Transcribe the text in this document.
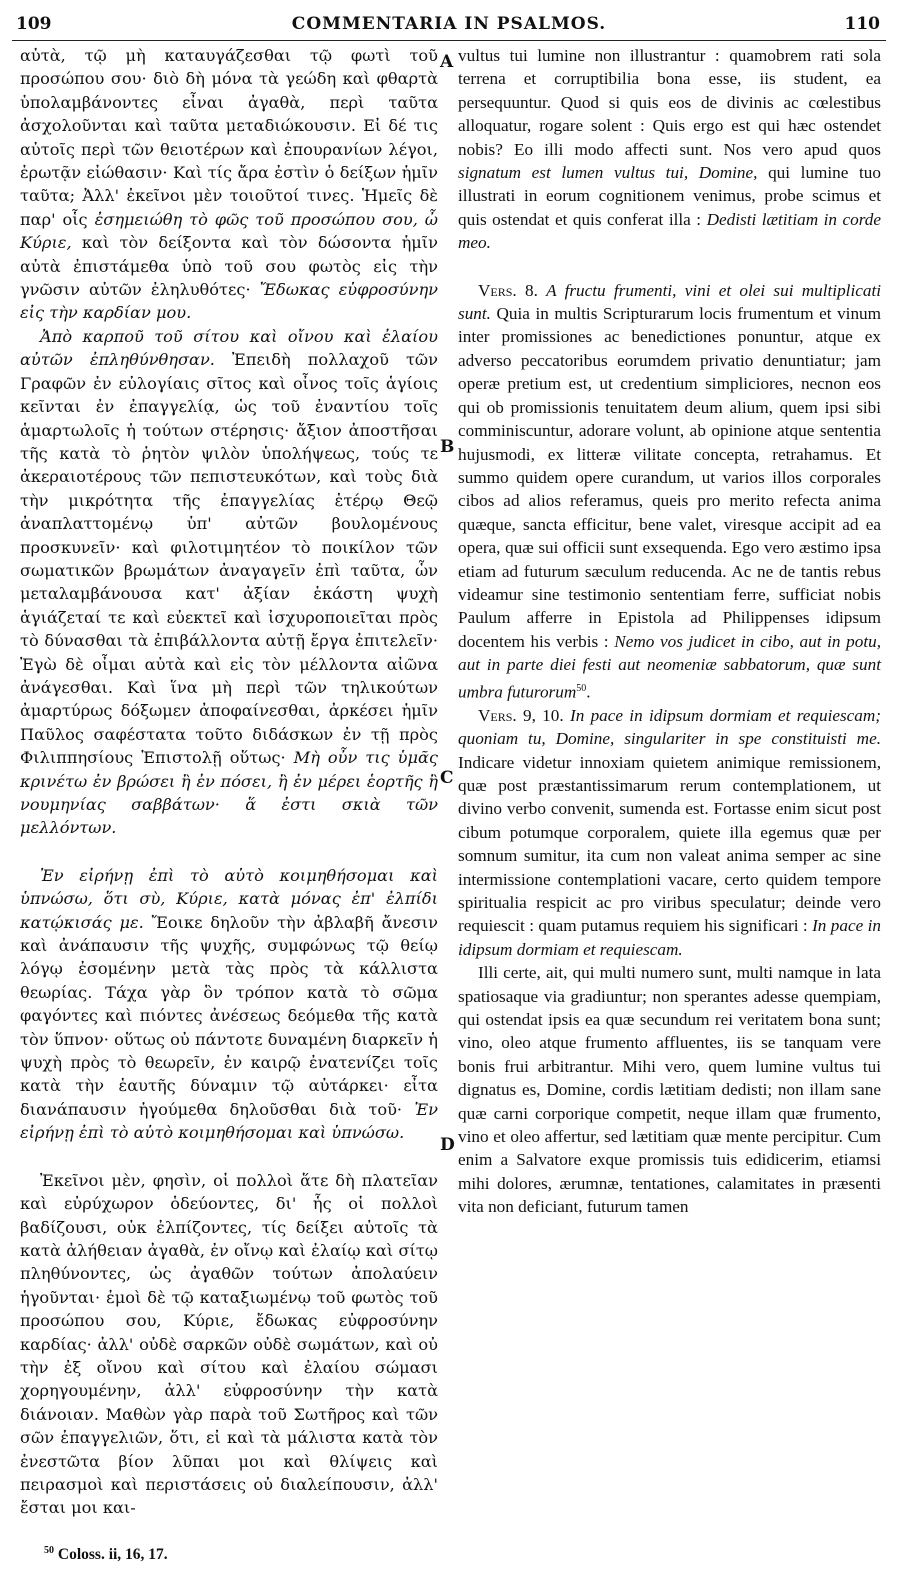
109	COMMENTARIA IN PSALMOS.	110
A
B
C
D

αὐτὰ, τῷ μὴ καταυγάζεσθαι τῷ φωτὶ τοῦ προσώπου σου· διὸ δὴ μόνα τὰ γεώδη καὶ φθαρτὰ ὑπολαμβάνοντες εἶναι ἀγαθὰ, περὶ ταῦτα ἀσχολοῦνται καὶ ταῦτα μεταδιώκουσιν. Εἰ δέ τις αὐτοῖς περὶ τῶν θειοτέρων καὶ ἐπουρανίων λέγοι, ἐρωτᾷν εἰώθασιν· Καὶ τίς ἄρα ἐστὶν ὁ δείξων ἡμῖν ταῦτα; Ἀλλ' ἐκεῖνοι μὲν τοιοῦτοί τινες. Ἡμεῖς δὲ παρ' οἷς ἐσημειώθη τὸ φῶς τοῦ προσώπου σου, ὦ Κύριε, καὶ τὸν δείξοντα καὶ τὸν δώσοντα ἡμῖν αὐτὰ ἐπιστάμεθα ὑπὸ τοῦ σου φωτὸς εἰς τὴν γνῶσιν αὐτῶν ἐληλυθότες· Ἔδωκας εὐφροσύνην εἰς τὴν καρδίαν μου.

Ἀπὸ καρποῦ τοῦ σίτου καὶ οἴνου καὶ ἐλαίου αὐτῶν ἐπληθύνθησαν. Ἐπειδὴ πολλαχοῦ τῶν Γραφῶν ἐν εὐλογίαις σῖτος καὶ οἶνος τοῖς ἁγίοις κεῖνται ἐν ἐπαγγελίᾳ, ὡς τοῦ ἐναντίου τοῖς ἁμαρτωλοῖς ἡ τούτων στέρησις· ἄξιον ἀποστῆσαι τῆς κατὰ τὸ ῥητὸν ψιλὸν ὑπολήψεως, τούς τε ἀκεραιοτέρους τῶν πεπιστευκότων, καὶ τοὺς διὰ τὴν μικρότητα τῆς ἐπαγγελίας ἑτέρῳ Θεῷ ἀναπλαττομένῳ ὑπ' αὐτῶν βουλομένους προσκυνεῖν· καὶ φιλοτιμητέον τὸ ποικίλον τῶν σωματικῶν βρωμάτων ἀναγαγεῖν ἐπὶ ταῦτα, ὧν μεταλαμβάνουσα κατ' ἀξίαν ἑκάστη ψυχὴ ἁγιάζεταί τε καὶ εὐεκτεῖ καὶ ἰσχυροποιεῖται πρὸς τὸ δύνασθαι τὰ ἐπιβάλλοντα αὐτῇ ἔργα ἐπιτελεῖν· Ἐγὼ δὲ οἶμαι αὐτὰ καὶ εἰς τὸν μέλλοντα αἰῶνα ἀνάγεσθαι. Καὶ ἵνα μὴ περὶ τῶν τηλικούτων ἀμαρτύρως δόξωμεν ἀποφαίνεσθαι, ἀρκέσει ἡμῖν Παῦλος σαφέστατα τοῦτο διδάσκων ἐν τῇ πρὸς Φιλιππησίους Ἐπιστολῇ οὕτως· Μὴ οὖν τις ὑμᾶς κρινέτω ἐν βρώσει ἢ ἐν πόσει, ἢ ἐν μέρει ἑορτῆς ἢ νουμηνίας σαββάτων· ἅ ἐστι σκιὰ τῶν μελλόντων.

Ἐν εἰρήνῃ ἐπὶ τὸ αὐτὸ κοιμηθήσομαι καὶ ὑπνώσω, ὅτι σὺ, Κύριε, κατὰ μόνας ἐπ' ἐλπίδι κατῴκισάς με. Ἔοικε δηλοῦν τὴν ἀβλαβῆ ἄνεσιν καὶ ἀνάπαυσιν τῆς ψυχῆς, συμφώνως τῷ θείῳ λόγῳ ἐσομένην μετὰ τὰς πρὸς τὰ κάλλιστα θεωρίας. Τάχα γὰρ ὃν τρόπον κατὰ τὸ σῶμα φαγόντες καὶ πιόντες ἀνέσεως δεόμεθα τῆς κατὰ τὸν ὕπνον· οὕτως οὐ πάντοτε δυναμένη διαρκεῖν ἡ ψυχὴ πρὸς τὸ θεωρεῖν, ἐν καιρῷ ἐνατενίζει τοῖς κατὰ τὴν ἑαυτῆς δύναμιν τῷ αὐτάρκει· εἶτα διανάπαυσιν ἡγούμεθα δηλοῦσθαι διὰ τοῦ· Ἐν εἰρήνῃ ἐπὶ τὸ αὐτὸ κοιμηθήσομαι καὶ ὑπνώσω.

Ἐκεῖνοι μὲν, φησὶν, οἱ πολλοὶ ἅτε δὴ πλατεῖαν καὶ εὐρύχωρον ὁδεύοντες, δι' ἧς οἱ πολλοὶ βαδίζουσι, οὐκ ἐλπίζοντες, τίς δείξει αὐτοῖς τὰ κατὰ ἀλήθειαν ἀγαθὰ, ἐν οἴνῳ καὶ ἐλαίῳ καὶ σίτῳ πληθύνοντες, ὡς ἀγαθῶν τούτων ἀπολαύειν ἡγοῦνται· ἐμοὶ δὲ τῷ καταξιωμένῳ τοῦ φωτὸς τοῦ προσώπου σου, Κύριε, ἔδωκας εὐφροσύνην καρδίας· ἀλλ' οὐδὲ σαρκῶν οὐδὲ σωμάτων, καὶ οὐ τὴν ἐξ οἴνου καὶ σίτου καὶ ἐλαίου σώμασι χορηγουμένην, ἀλλ' εὐφροσύνην τὴν κατὰ διάνοιαν. Μαθὼν γὰρ παρὰ τοῦ Σωτῆρος καὶ τῶν σῶν ἐπαγγελιῶν, ὅτι, εἰ καὶ τὰ μάλιστα κατὰ τὸν ἐνεστῶτα βίον λῦπαι μοι καὶ θλίψεις καὶ πειρασμοὶ καὶ περιστάσεις οὐ διαλείπουσιν, ἀλλ' ἔσται μοι και-

vultus tui lumine non illustrantur : quamobrem rati sola terrena et corruptibilia bona esse, iis student, ea persequuntur. Quod si quis eos de divinis ac cœlestibus alloquatur, rogare solent : Quis ergo est qui hæc ostendet nobis? Eo illi modo affecti sunt. Nos vero apud quos signatum est lumen vultus tui, Domine, qui lumine tuo illustrati in eorum cognitionem venimus, probe scimus et quis ostendat et quis conferat illa : Dedisti lætitiam in corde meo.

Vers. 8. A fructu frumenti, vini et olei sui multiplicati sunt. Quia in multis Scripturarum locis frumentum et vinum inter promissiones ac benedictiones ponuntur, atque ex adverso peccatoribus eorumdem privatio denuntiatur; jam operæ pretium est, ut credentium simpliciores, necnon eos qui ob promissionis tenuitatem deum alium, quem ipsi sibi comminiscuntur, adorare volunt, ab opinione atque sententia hujusmodi, ex litteræ vilitate concepta, retrahamus. Et summo quidem opere curandum, ut varios illos corporales cibos ad alios referamus, queis pro merito refecta anima quæque, sancta efficitur, bene valet, viresque accipit ad ea opera, quæ sui officii sunt exsequenda. Ego vero æstimo ipsa etiam ad futurum sæculum reducenda. Ac ne de tantis rebus videamur sine testimonio sententiam ferre, sufficiat nobis Paulum afferre in Epistola ad Philippenses idipsum docentem his verbis : Nemo vos judicet in cibo, aut in potu, aut in parte diei festi aut neomeniæ sabbatorum, quæ sunt umbra futurorum$^{50}$.

Vers. 9, 10. In pace in idipsum dormiam et requiescam; quoniam tu, Domine, singulariter in spe constituisti me. Indicare videtur innoxiam quietem animique remissionem, quæ post præstantissimarum rerum contemplationem, ut divino verbo convenit, sumenda est. Fortasse enim sicut post cibum potumque corporalem, quiete illa egemus quæ per somnum sumitur, ita cum non valeat anima semper ac sine intermissione contemplationi vacare, certo quidem tempore spiritualia respicit ac pro viribus speculatur; deinde vero requiescit : quam putamus requiem his significari : In pace in idipsum dormiam et requiescam.

Illi certe, ait, qui multi numero sunt, multi namque in lata spatiosaque via gradiuntur; non sperantes adesse quempiam, qui ostendat ipsis ea quæ secundum rei veritatem bona sunt; vino, oleo atque frumento affluentes, iis se tanquam vere bonis frui arbitrantur. Mihi vero, quem lumine vultus tui dignatus es, Domine, cordis lætitiam dedisti; non illam sane quæ carni corporique competit, neque illam quæ frumento, vino et oleo affertur, sed lætitiam quæ mente percipitur. Cum enim a Salvatore exque promissis tuis edidicerim, etiamsi mihi dolores, ærumnæ, tentationes, calamitates in præsenti vita non deficiant, futurum tamen

$^{50}$ Coloss. ii, 16, 17.
